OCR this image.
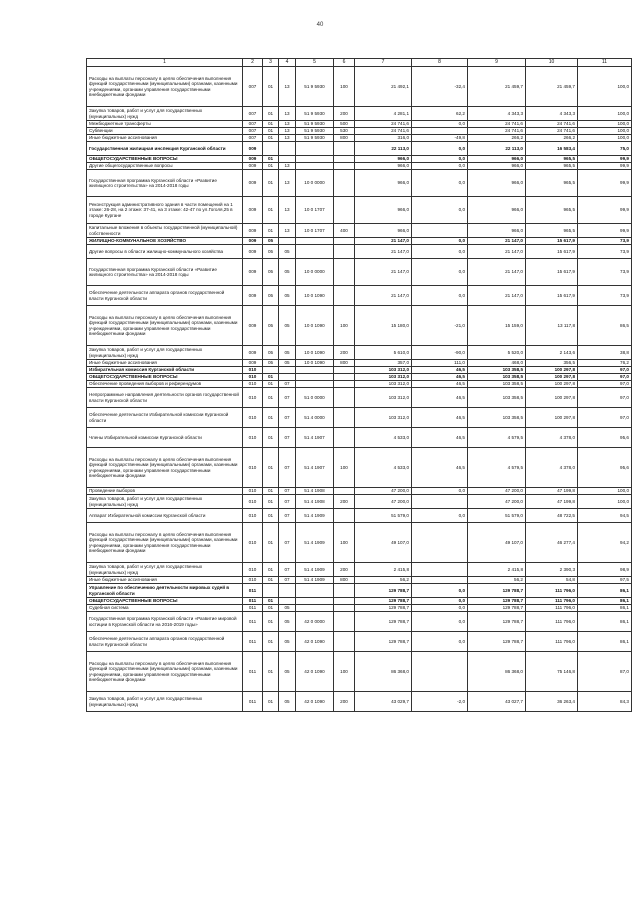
40
1	2	3	4	5	6	7	8	9	10	11
Расходы на выплаты персоналу в целях обеспечения выполнения функций государственными (муниципальными) органами, казенными учреждениями, органами управления государственными внебюджетными фондами	007	01	13	51 9 5930	100	21 492,1	-32,4	21 459,7	21 459,7	100,0
Закупка товаров, работ и услуг для государственных (муниципальных) нужд	007	01	13	51 9 5930	200	4 281,1	62,2	4 343,3	4 343,3	100,0
Межбюджетные трансферты	007	01	13	51 9 5930	500	24 741,6	0,0	24 741,6	24 741,6	100,0
Субвенции	007	01	13	51 9 5930	530	24 741,6		24 741,6	24 741,6	100,0
Иные бюджетные ассигнования	007	01	13	51 9 5930	800	316,0	-49,8	266,2	266,2	100,0
Государственная жилищная инспекция Курганской области	009					22 113,0	0,0	22 113,0	16 583,4	75,0
ОБЩЕГОСУДАРСТВЕННЫЕ ВОПРОСЫ	009	01				966,0	0,0	966,0	965,5	99,9
Другие общегосударственные вопросы	009	01	13			966,0	0,0	966,0	965,5	99,9
Государственная программа Курганской области «Развитие жилищного строительства» на 2014-2018 годы	009	01	13	10 0 0000		966,0	0,0	966,0	965,5	99,9
Реконструкция административного здания в части помещений на 1 этаже: 26-28, на 2 этаже: 37-41, на 3 этаже: 42-47 по ул.Гоголя,25 в городе Кургане	009	01	13	10 0 1707		966,0	0,0	966,0	965,5	99,9
Капитальные вложения в объекты государственной (муниципальной) собственности	009	01	13	10 0 1707	400	966,0		966,0	965,5	99,9
ЖИЛИЩНО-КОММУНАЛЬНОЕ ХОЗЯЙСТВО	009	05				21 147,0	0,0	21 147,0	15 617,9	73,9
Другие вопросы в области жилищно-коммунального хозяйства	009	05	05			21 147,0	0,0	21 147,0	15 617,9	73,9
Государственная программа Курганской области «Развитие жилищного строительства» на 2014-2018 годы	009	05	05	10 0 0000		21 147,0	0,0	21 147,0	15 617,9	73,9
Обеспечение деятельности аппарата органов государственной власти Курганской области	009	05	05	10 0 1090		21 147,0	0,0	21 147,0	15 617,9	73,9
Расходы на выплаты персоналу в целях обеспечения выполнения функций государственными (муниципальными) органами, казенными учреждениями, органами управления государственными внебюджетными фондами	009	05	05	10 0 1090	100	15 180,0	-21,0	15 159,0	13 117,8	86,5
Закупка товаров, работ и услуг для государственных (муниципальных) нужд	009	05	05	10 0 1090	200	5 610,0	-90,0	5 520,0	2 143,6	38,8
Иные бюджетные ассигнования	009	05	05	10 0 1090	800	357,0	111,0	468,0	356,5	76,2
Избирательная комиссия Курганской области	010					103 312,0	46,5	103 358,5	100 297,8	97,0
ОБЩЕГОСУДАРСТВЕННЫЕ ВОПРОСЫ	010	01				103 312,0	46,5	103 358,5	100 297,8	97,0
Обеспечение проведения выборов и референдумов	010	01	07			103 312,0	46,5	103 358,5	100 297,8	97,0
Непрограммные направления деятельности органов государственной власти Курганской области	010	01	07	51 0 0000		103 312,0	46,5	103 358,5	100 297,8	97,0
Обеспечение деятельности Избирательной комиссии Курганской области	010	01	07	51 4 0000		103 312,0	46,5	103 358,5	100 297,8	97,0
Члены Избирательной комиссии Курганской области	010	01	07	51 4 1907		4 533,0	46,5	4 579,5	4 378,0	95,6
Расходы на выплаты персоналу в целях обеспечения выполнения функций государственными (муниципальными) органами, казенными учреждениями, органами управления государственными внебюджетными фондами	010	01	07	51 4 1907	100	4 533,0	46,5	4 579,5	4 378,0	95,6
Проведение выборов	010	01	07	51 4 1908		47 200,0	0,0	47 200,0	47 199,8	100,0
Закупка товаров, работ и услуг для государственных (муниципальных) нужд	010	01	07	51 4 1908	200	47 200,0		47 200,0	47 199,8	100,0
Аппарат Избирательной комиссии Курганской области	010	01	07	51 4 1909		51 579,0	0,0	51 579,0	48 722,5	94,5
Расходы на выплаты персоналу в целях обеспечения выполнения функций государственными (муниципальными) органами, казенными учреждениями, органами управления государственными внебюджетными фондами	010	01	07	51 4 1909	100	49 107,0		49 107,0	46 277,4	94,2
Закупка товаров, работ и услуг для государственных (муниципальных) нужд	010	01	07	51 4 1909	200	2 415,8		2 415,8	2 390,3	98,9
Иные бюджетные ассигнования	010	01	07	51 4 1909	800	56,2		56,2	54,8	97,5
Управление по обеспечению деятельности мировых судей в Курганской области	011					129 788,7	0,0	129 788,7	111 796,0	86,1
ОБЩЕГОСУДАРСТВЕННЫЕ ВОПРОСЫ	011	01				129 788,7	0,0	129 788,7	111 796,0	86,1
Судебная система	011	01	05			129 788,7	0,0	129 788,7	111 796,0	86,1
Государственная программа Курганской области «Развитие мировой юстиции в Курганской области на 2016-2019 годы»	011	01	05	42 0 0000		129 788,7	0,0	129 788,7	111 796,0	86,1
Обеспечение деятельности аппарата органов государственной власти Курганской области	011	01	05	42 0 1090		129 788,7	0,0	129 788,7	111 796,0	86,1
Расходы на выплаты персоналу в целях обеспечения выполнения функций государственными (муниципальными) органами, казенными учреждениями, органами управления государственными внебюджетными фондами	011	01	05	42 0 1090	100	86 368,0		86 368,0	75 146,8	87,0
Закупка товаров, работ и услуг для государственных (муниципальных) нужд	011	01	05	42 0 1090	200	43 029,7	-2,0	43 027,7	36 263,4	84,3
